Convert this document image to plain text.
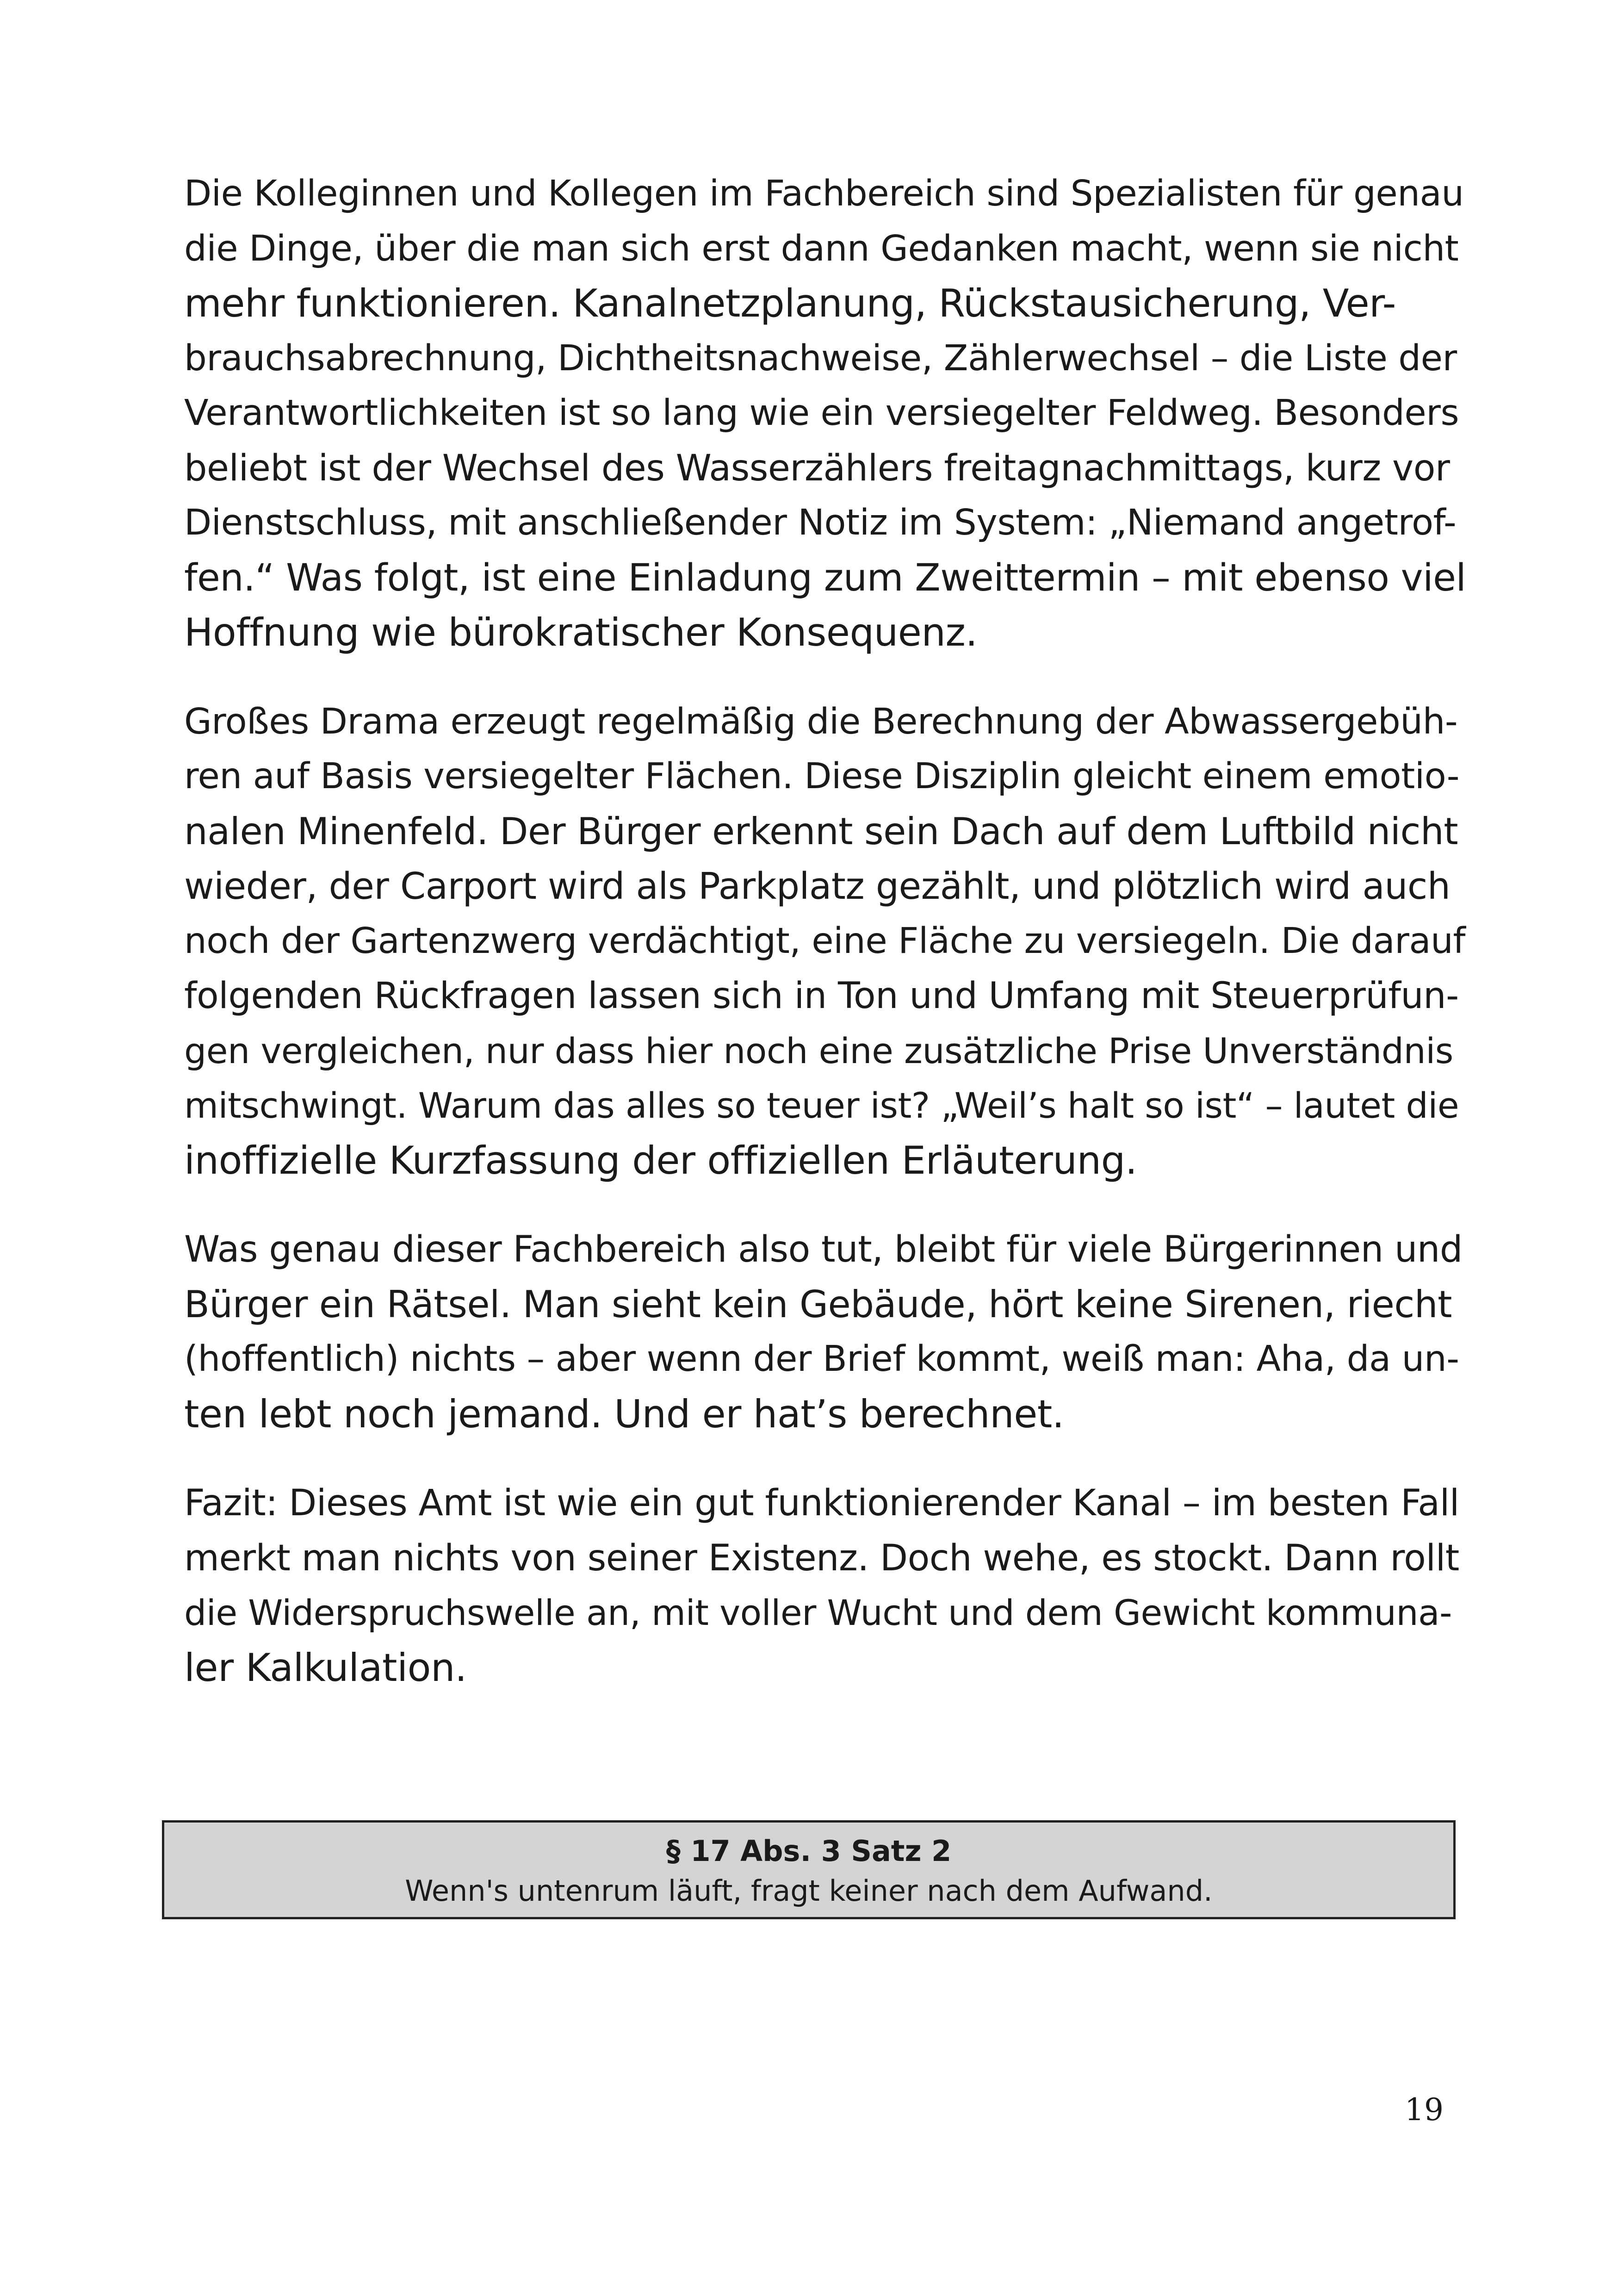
Die Kolleginnen und Kollegen im Fachbereich sind Spezialisten für genau
die Dinge, über die man sich erst dann Gedanken macht, wenn sie nicht
mehr funktionieren. Kanalnetzplanung, Rückstausicherung, Ver-
brauchsabrechnung, Dichtheitsnachweise, Zählerwechsel – die Liste der
Verantwortlichkeiten ist so lang wie ein versiegelter Feldweg. Besonders
beliebt ist der Wechsel des Wasserzählers freitagnachmittags, kurz vor
Dienstschluss, mit anschließender Notiz im System: „Niemand angetrof-
fen.“ Was folgt, ist eine Einladung zum Zweittermin – mit ebenso viel
Hoffnung wie bürokratischer Konsequenz.
Großes Drama erzeugt regelmäßig die Berechnung der Abwassergebüh-
ren auf Basis versiegelter Flächen. Diese Disziplin gleicht einem emotio-
nalen Minenfeld. Der Bürger erkennt sein Dach auf dem Luftbild nicht
wieder, der Carport wird als Parkplatz gezählt, und plötzlich wird auch
noch der Gartenzwerg verdächtigt, eine Fläche zu versiegeln. Die darauf
folgenden Rückfragen lassen sich in Ton und Umfang mit Steuerprüfun-
gen vergleichen, nur dass hier noch eine zusätzliche Prise Unverständnis
mitschwingt. Warum das alles so teuer ist? „Weil’s halt so ist“ – lautet die
inoffizielle Kurzfassung der offiziellen Erläuterung.
Was genau dieser Fachbereich also tut, bleibt für viele Bürgerinnen und
Bürger ein Rätsel. Man sieht kein Gebäude, hört keine Sirenen, riecht
(hoffentlich) nichts – aber wenn der Brief kommt, weiß man: Aha, da un-
ten lebt noch jemand. Und er hat’s berechnet.
Fazit: Dieses Amt ist wie ein gut funktionierender Kanal – im besten Fall
merkt man nichts von seiner Existenz. Doch wehe, es stockt. Dann rollt
die Widerspruchswelle an, mit voller Wucht und dem Gewicht kommuna-
ler Kalkulation.
§ 17 Abs. 3 Satz 2
Wenn's untenrum läuft, fragt keiner nach dem Aufwand.
19
